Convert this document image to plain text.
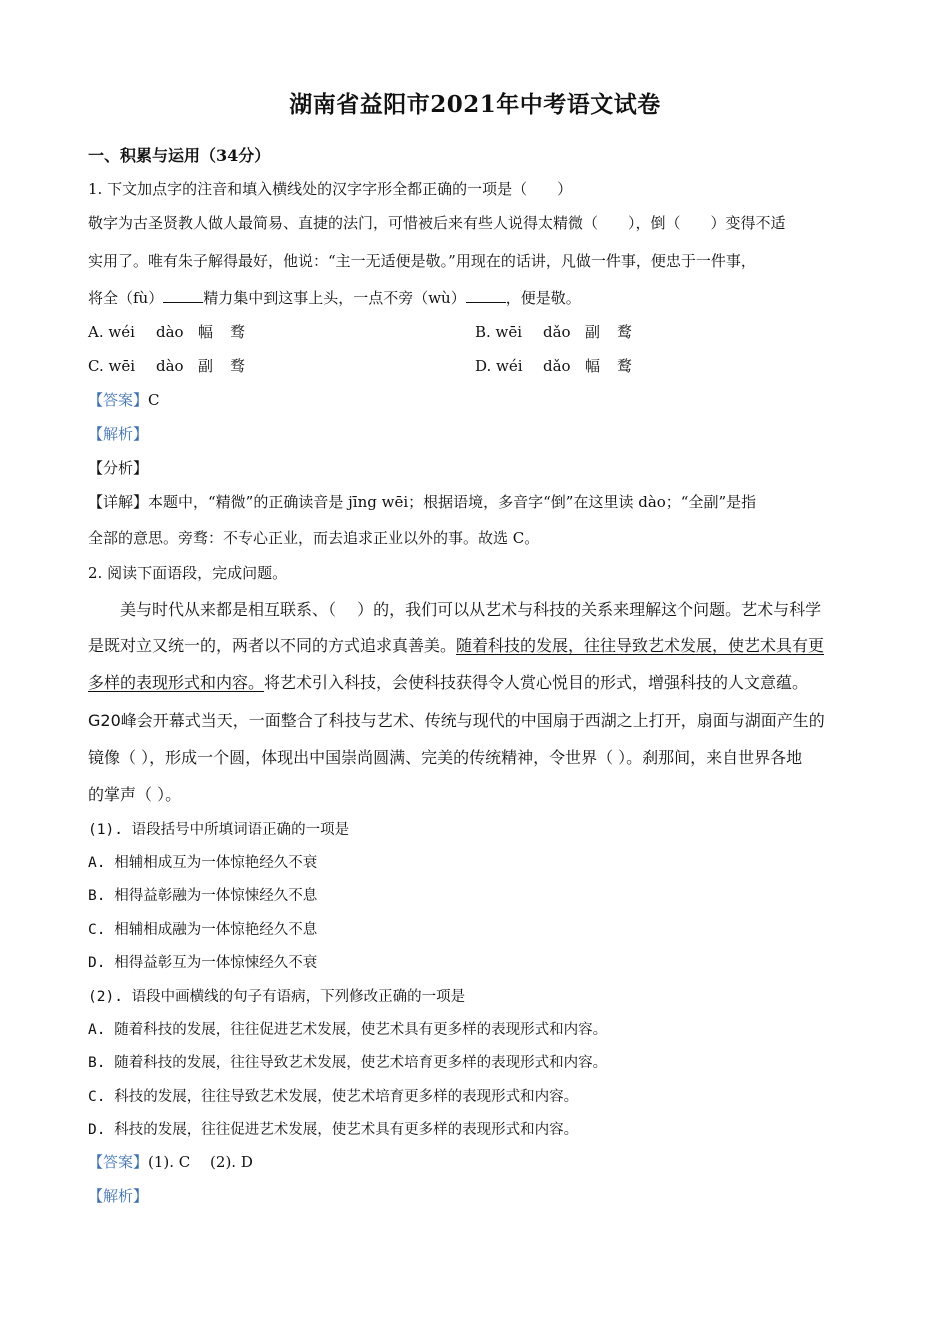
湖南省益阳市2021年中考语文试卷
一、积累与运用（34分）
1. 下文加点字的注音和填入横线处的汉字字形全都正确的一项是（　　）
敬字为古圣贤教人做人最简易、直捷的法门，可惜被后来有些人说得太精微（　　），倒（　　）变得不适
实用了。唯有朱子解得最好，他说：“主一无适便是敬。”用现在的话讲，凡做一件事，便忠于一件事，
将全（fù）	精力集中到这事上头，一点不旁（wù）	，便是敬。
A. wéi dào 幅 骛	B. wēi dǎo 副 鹜
C. wēi dào 副 骛	D. wéi dǎo 幅 鹜
【答案】C
【解析】
【分析】
【详解】本题中，“精微”的正确读音是 jīng wēi；根据语境，多音字“倒”在这里读 dào；“全副”是指
全部的意思。旁骛：不专心正业，而去追求正业以外的事。故选 C。
2. 阅读下面语段，完成问题。
美与时代从来都是相互联系、（　 ）的，我们可以从艺术与科技的关系来理解这个问题。艺术与科学
是既对立又统一的，两者以不同的方式追求真善美。随着科技的发展，往往导致艺术发展，使艺术具有更
多样的表现形式和内容。将艺术引入科技，会使科技获得令人赏心悦目的形式，增强科技的人文意蕴。
G20峰会开幕式当天，一面整合了科技与艺术、传统与现代的中国扇于西湖之上打开，扇面与湖面产生的
镜像（ ），形成一个圆，体现出中国崇尚圆满、完美的传统精神，令世界（ ）。刹那间，来自世界各地
的掌声（ ）。
(1). 语段括号中所填词语正确的一项是
A. 相辅相成互为一体惊艳经久不衰
B. 相得益彰融为一体惊悚经久不息
C. 相辅相成融为一体惊艳经久不息
D. 相得益彰互为一体惊悚经久不衰
(2). 语段中画横线的句子有语病，下列修改正确的一项是
A. 随着科技的发展，往往促进艺术发展，使艺术具有更多样的表现形式和内容。
B. 随着科技的发展，往往导致艺术发展，使艺术培育更多样的表现形式和内容。
C. 科技的发展，往往导致艺术发展，使艺术培育更多样的表现形式和内容。
D. 科技的发展，往往促进艺术发展，使艺术具有更多样的表现形式和内容。
【答案】(1). C　 (2). D
【解析】
